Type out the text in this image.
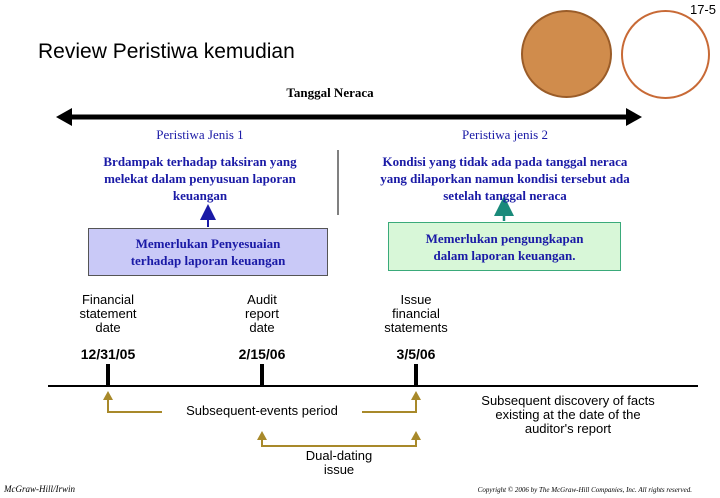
17-5
Review Peristiwa kemudian
Tanggal Neraca
Peristiwa Jenis 1
Brdampak terhadap taksiran yang
melekat dalam penyusuan laporan
keuangan
Memerlukan Penyesuaian
terhadap laporan keuangan
Peristiwa jenis 2
Kondisi yang tidak ada pada tanggal neraca
yang dilaporkan namun kondisi tersebut ada
setelah tanggal neraca
Memerlukan pengungkapan
dalam laporan keuangan.
Financial
statement
date
Audit
report
date
Issue
financial
statements
12/31/05	2/15/06	3/5/06
Subsequent-events period
Dual-dating
issue
Subsequent discovery of facts
existing at the date of the
auditor's report
McGraw-Hill/Irwin	Copyright © 2006 by The McGraw-Hill Companies, Inc. All rights reserved.
